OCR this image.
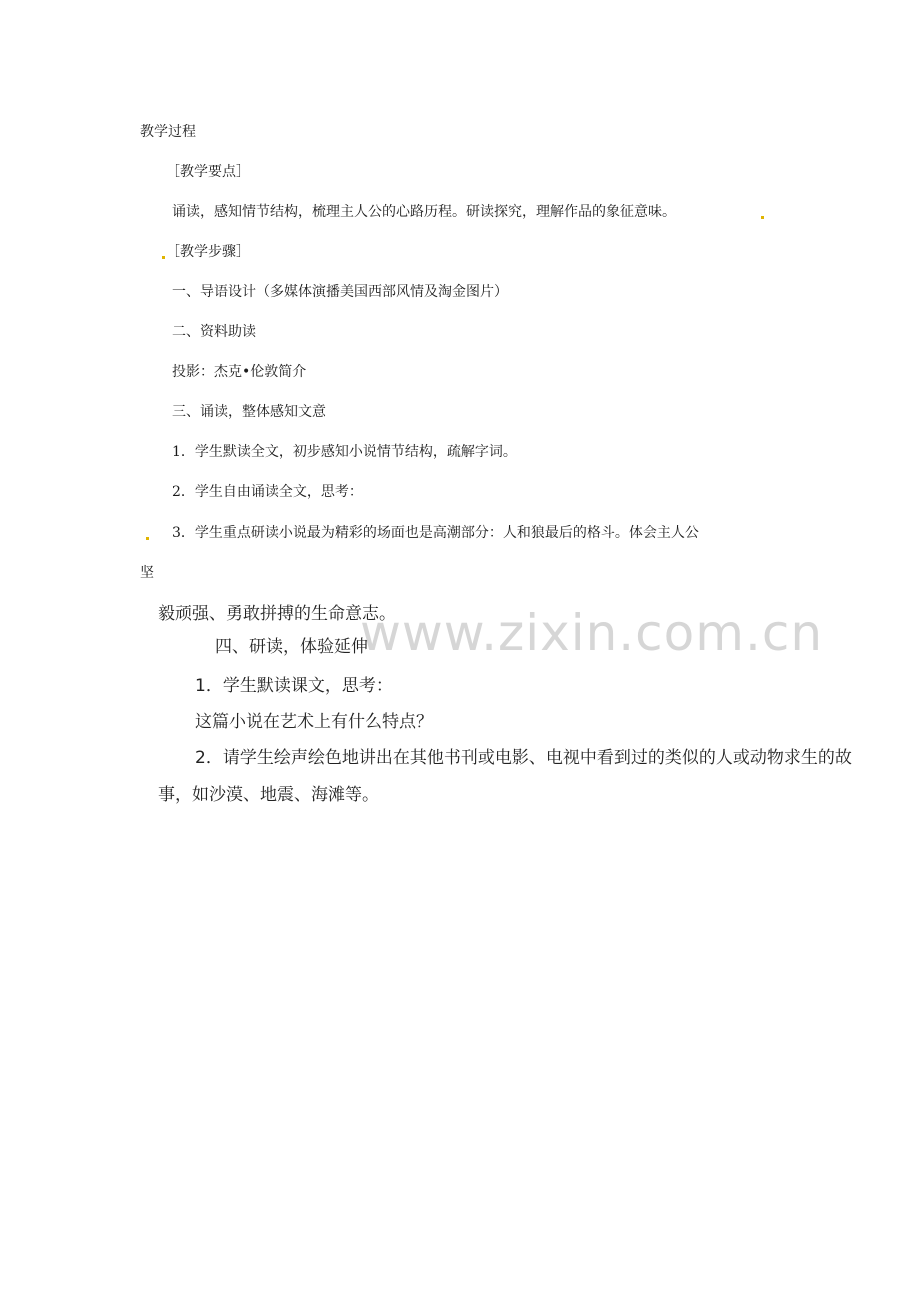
www.zixin.com.cn
教学过程
［教学要点］
诵读，感知情节结构，梳理主人公的心路历程。研读探究，理解作品的象征意味。
［教学步骤］
一、导语设计（多媒体演播美国西部风情及淘金图片）
二、资料助读
投影：杰克•伦敦简介
三、诵读，整体感知文意
1．学生默读全文，初步感知小说情节结构，疏解字词。
2．学生自由诵读全文，思考：
3．学生重点研读小说最为精彩的场面也是高潮部分：人和狼最后的格斗。体会主人公
坚
毅顽强、勇敢拼搏的生命意志。
四、研读，体验延伸
1．学生默读课文，思考：
这篇小说在艺术上有什么特点？
2．请学生绘声绘色地讲出在其他书刊或电影、电视中看到过的类似的人或动物求生的故
事，如沙漠、地震、海滩等。
